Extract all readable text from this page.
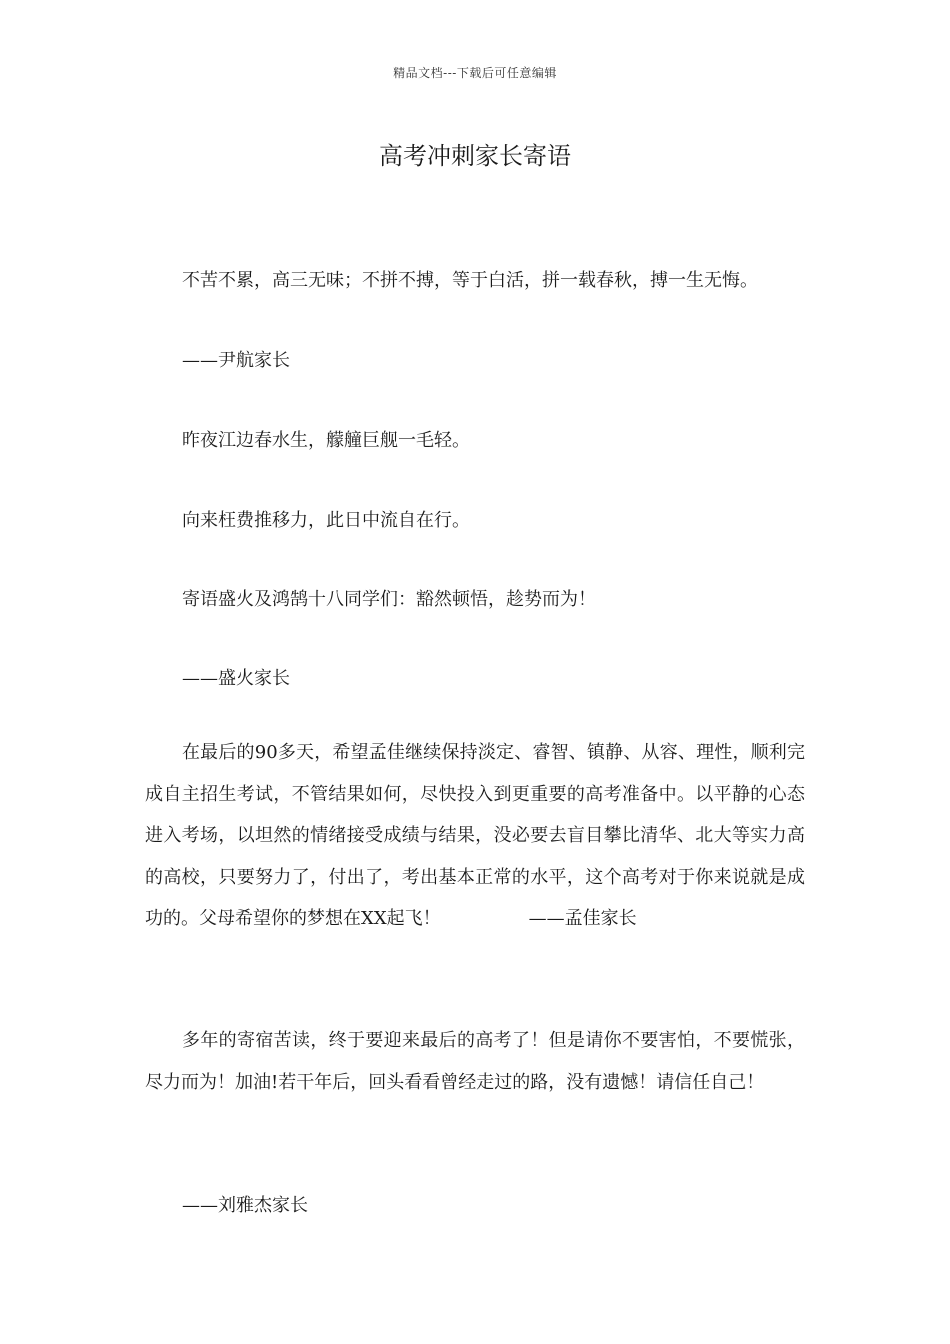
精品文档---下载后可任意编辑
高考冲刺家长寄语
不苦不累，高三无味；不拼不搏，等于白活，拼一载春秋，搏一生无悔。
——尹航家长
昨夜江边春水生，艨艟巨舰一毛轻。
向来枉费推移力，此日中流自在行。
寄语盛火及鸿鹄十八同学们：豁然顿悟，趁势而为！
——盛火家长
在最后的90多天，希望孟佳继续保持淡定、睿智、镇静、从容、理性，顺利完成自主招生考试，不管结果如何，尽快投入到更重要的高考准备中。以平静的心态进入考场，以坦然的情绪接受成绩与结果，没必要去盲目攀比清华、北大等实力高的高校，只要努力了，付出了，考出基本正常的水平，这个高考对于你来说就是成功的。父母希望你的梦想在XX起飞！	——孟佳家长
多年的寄宿苦读，终于要迎来最后的高考了！但是请你不要害怕，不要慌张，尽力而为！加油!若干年后，回头看看曾经走过的路，没有遗憾！请信任自己！
——刘雅杰家长
